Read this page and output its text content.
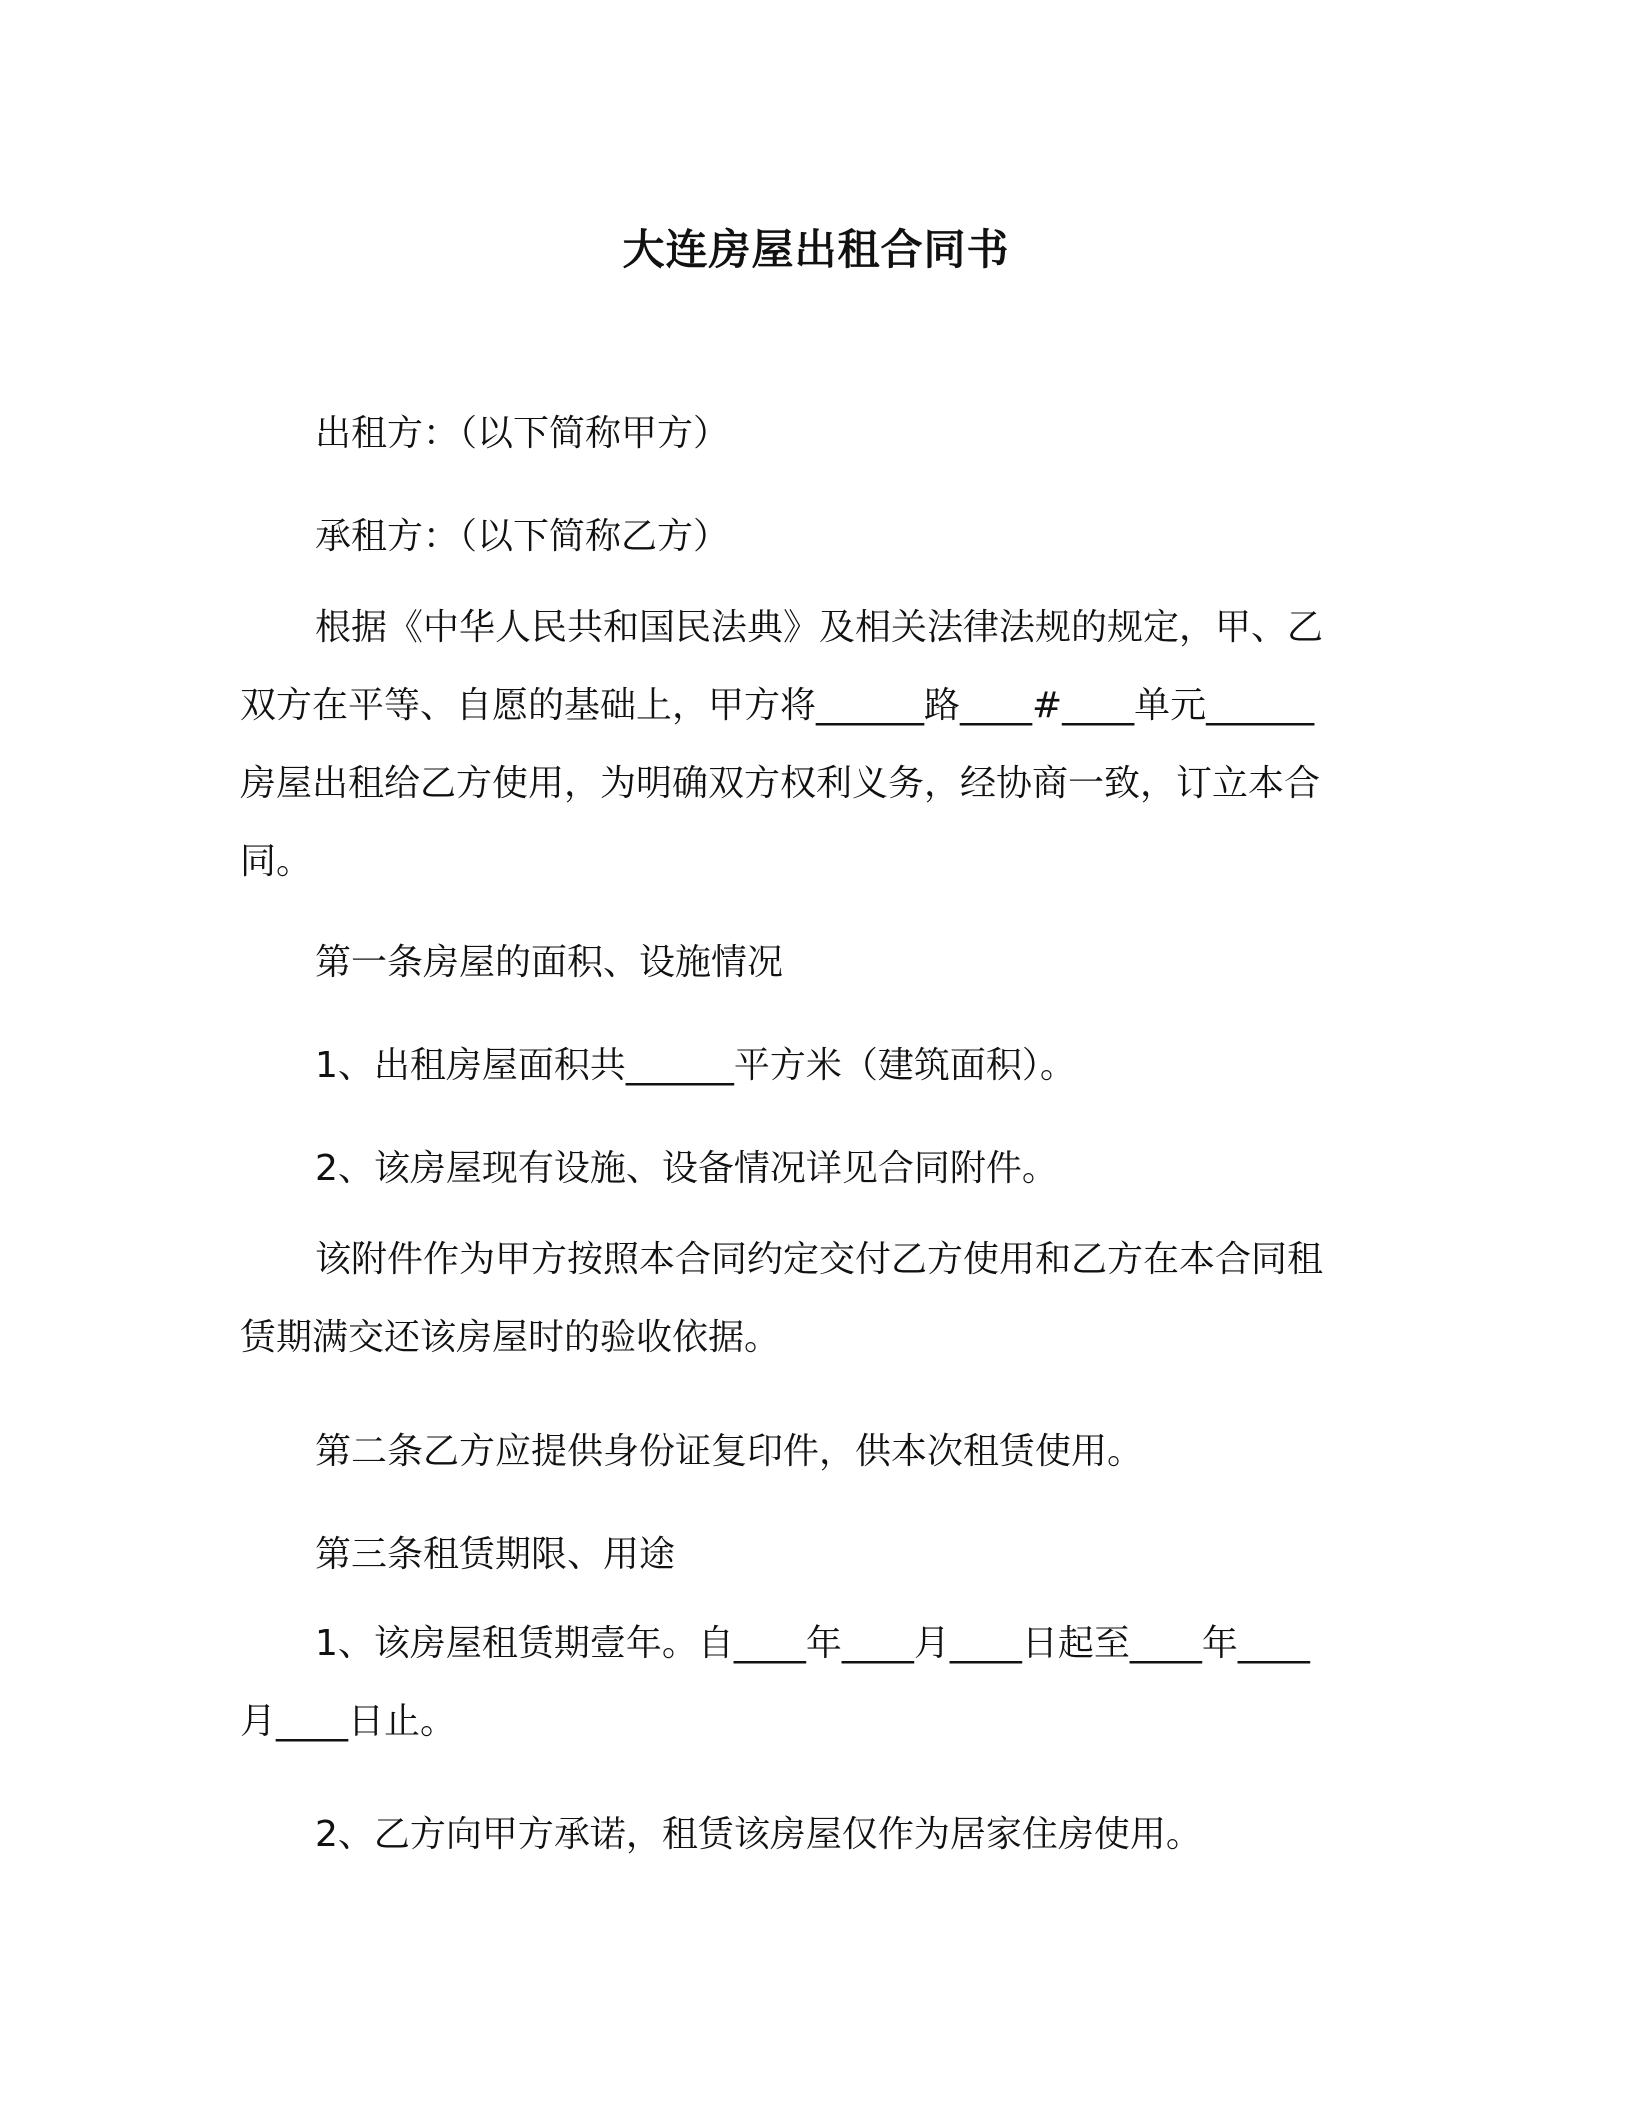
大连房屋出租合同书
出租方：（以下简称甲方）
承租方：（以下简称乙方）
根据《中华人民共和国民法典》及相关法律法规的规定，甲、乙
双方在平等、自愿的基础上，甲方将______路____#____单元______
房屋出租给乙方使用，为明确双方权利义务，经协商一致，订立本合
同。
第一条房屋的面积、设施情况
1、出租房屋面积共______平方米（建筑面积）。
2、该房屋现有设施、设备情况详见合同附件。
该附件作为甲方按照本合同约定交付乙方使用和乙方在本合同租
赁期满交还该房屋时的验收依据。
第二条乙方应提供身份证复印件，供本次租赁使用。
第三条租赁期限、用途
1、该房屋租赁期壹年。自____年____月____日起至____年____
月____日止。
2、乙方向甲方承诺，租赁该房屋仅作为居家住房使用。
